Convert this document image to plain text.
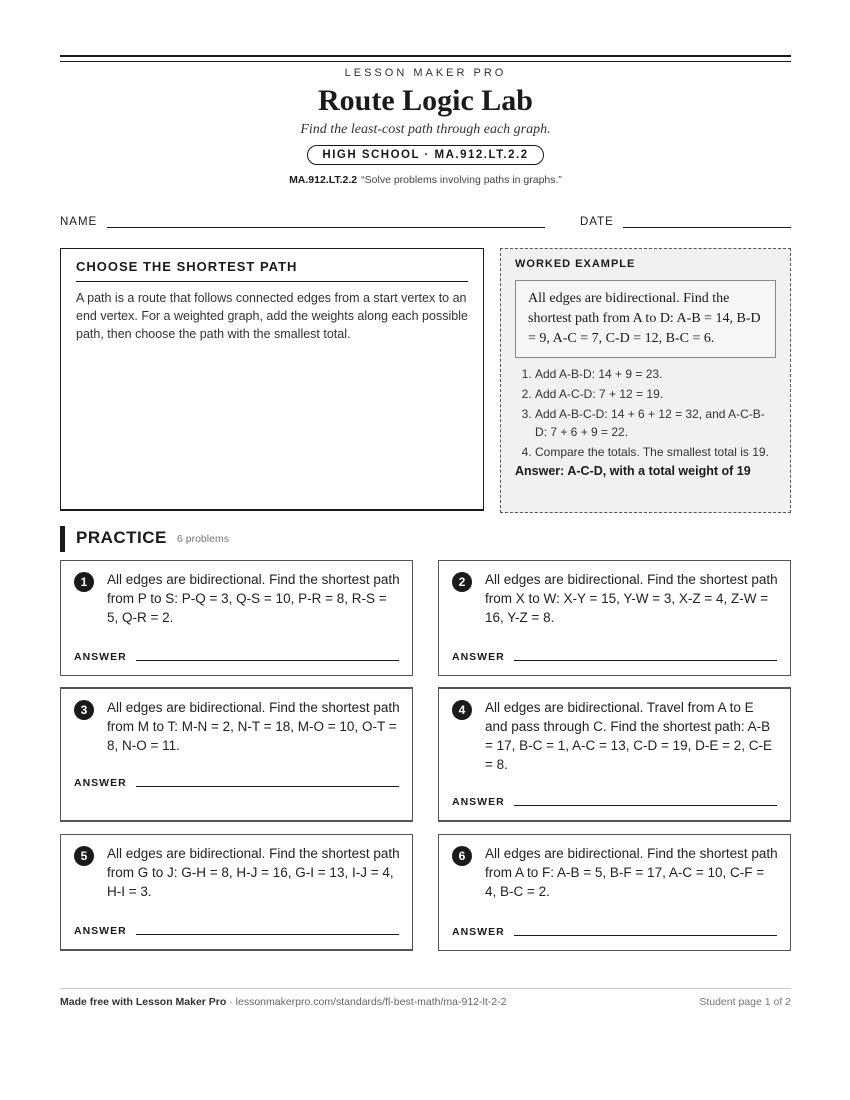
LESSON MAKER PRO
Route Logic Lab
Find the least-cost path through each graph.
HIGH SCHOOL · MA.912.LT.2.2
MA.912.LT.2.2 “Solve problems involving paths in graphs.”
NAME	DATE
CHOOSE THE SHORTEST PATH

A path is a route that follows connected edges from a start vertex to an end vertex. For a weighted graph, add the weights along each possible path, then choose the path with the smallest total.

WORKED EXAMPLE
All edges are bidirectional. Find the shortest path from A to D: A-B = 14, B-D = 9, A-C = 7, C-D = 12, B-C = 6.
1. Add A-B-D: 14 + 9 = 23.
2. Add A-C-D: 7 + 12 = 19.
3. Add A-B-C-D: 14 + 6 + 12 = 32, and A-C-B-D: 7 + 6 + 9 = 22.
4. Compare the totals. The smallest total is 19.
Answer: A-C-D, with a total weight of 19
PRACTICE 6 problems
1	All edges are bidirectional. Find the shortest path from P to S: P-Q = 3, Q-S = 10, P-R = 8, R-S = 5, Q-R = 2.
ANSWER
2	All edges are bidirectional. Find the shortest path from X to W: X-Y = 15, Y-W = 3, X-Z = 4, Z-W = 16, Y-Z = 8.
ANSWER
3	All edges are bidirectional. Find the shortest path from M to T: M-N = 2, N-T = 18, M-O = 10, O-T = 8, N-O = 11.
ANSWER
4	All edges are bidirectional. Travel from A to E and pass through C. Find the shortest path: A-B = 17, B-C = 1, A-C = 13, C-D = 19, D-E = 2, C-E = 8.
ANSWER
5	All edges are bidirectional. Find the shortest path from G to J: G-H = 8, H-J = 16, G-I = 13, I-J = 4, H-I = 3.
ANSWER
6	All edges are bidirectional. Find the shortest path from A to F: A-B = 5, B-F = 17, A-C = 10, C-F = 4, B-C = 2.
ANSWER
Made free with Lesson Maker Pro · lessonmakerpro.com/standards/fl-best-math/ma-912-lt-2-2	Student page 1 of 2
